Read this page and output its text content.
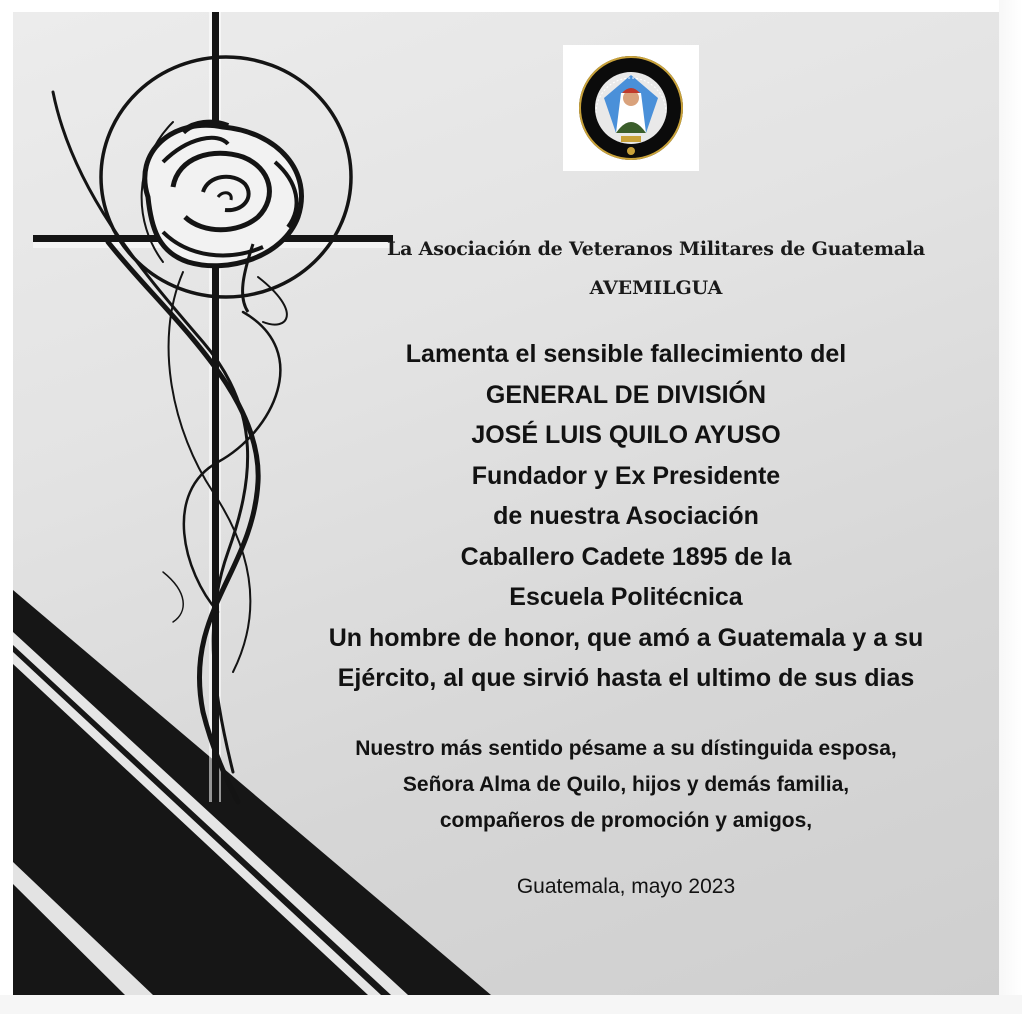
La Asociación de Veteranos Militares de Guatemala
AVEMILGUA
Lamenta el sensible fallecimiento del
GENERAL DE DIVISIÓN
JOSÉ LUIS QUILO AYUSO
Fundador y Ex Presidente
de nuestra Asociación
Caballero Cadete 1895 de la
Escuela Politécnica
Un hombre de honor, que amó a Guatemala y a su
Ejército, al que sirvió hasta el ultimo de sus dias
Nuestro más sentido pésame a su dístinguida esposa,
Señora Alma de Quilo, hijos y demás familia,
compañeros de promoción y amigos,
Guatemala, mayo 2023
